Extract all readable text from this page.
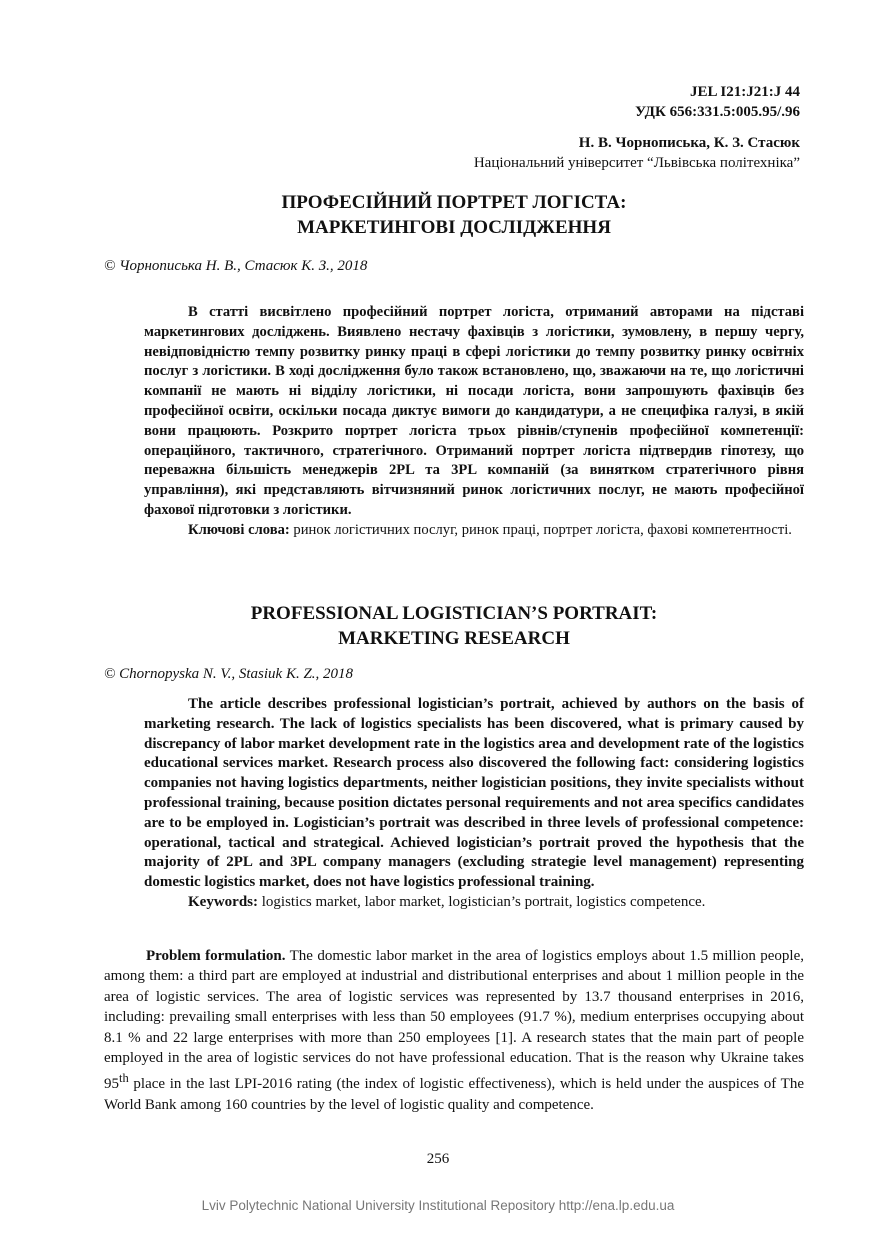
JEL I21:J21:J 44
УДК 656:331.5:005.95/.96
Н. В. Чорнописька, К. З. Стасюк
Національний університет “Львівська політехніка”
ПРОФЕСІЙНИЙ ПОРТРЕТ ЛОГІСТА:
МАРКЕТИНГОВІ ДОСЛІДЖЕННЯ
© Чорнописька Н. В., Стасюк К. З., 2018

В статті висвітлено професійний портрет логіста, отриманий авторами на підставі маркетингових досліджень. Виявлено нестачу фахівців з логістики, зумовлену, в першу чергу, невідповідністю темпу розвитку ринку праці в сфері логістики до темпу розвитку ринку освітніх послуг з логістики. В ході дослідження було також встановлено, що, зважаючи на те, що логістичні компанії не мають ні відділу логістики, ні посади логіста, вони запрошують фахівців без професійної освіти, оскільки посада диктує вимоги до кандидатури, а не специфіка галузі, в якій вони працюють. Розкрито портрет логіста трьох рівнів/ступенів професійної компетенції: операційного, тактичного, стратегічного. Отриманий портрет логіста підтвердив гіпотезу, що переважна більшість менеджерів 2PL та 3PL компаній (за винятком стратегічного рівня управління), які представляють вітчизняний ринок логістичних послуг, не мають професійної фахової підготовки з логістики.

Ключові слова: ринок логістичних послуг, ринок праці, портрет логіста, фахові компетентності.

PROFESSIONAL LOGISTICIAN’S PORTRAIT:
MARKETING RESEARCH
© Chornopyska N. V., Stasiuk K. Z., 2018

The article describes professional logistician’s portrait, achieved by authors on the basis of marketing research. The lack of logistics specialists has been discovered, what is primary caused by discrepancy of labor market development rate in the logistics area and development rate of the logistics educational services market. Research process also discovered the following fact: considering logistics companies not having logistics departments, neither logistician positions, they invite specialists without professional training, because position dictates personal requirements and not area specifics candidates are to be employed in. Logistician’s portrait was described in three levels of professional competence: operational, tactical and strategical. Achieved logistician’s portrait proved the hypothesis that the majority of 2PL and 3PL company managers (excluding strategie level management) representing domestic logistics market, does not have logistics professional training.

Keywords: logistics market, labor market, logistician’s portrait, logistics competence.

Problem formulation. The domestic labor market in the area of logistics employs about 1.5 million people, among them: a third part are employed at industrial and distributional enterprises and about 1 million people in the area of logistic services. The area of logistic services was represented by 13.7 thousand enterprises in 2016, including: prevailing small enterprises with less than 50 employees (91.7 %), medium enterprises occupying about 8.1 % and 22 large enterprises with more than 250 employees [1]. A research states that the main part of people employed in the area of logistic services do not have professional education. That is the reason why Ukraine takes 95th place in the last LPI-2016 rating (the index of logistic effectiveness), which is held under the auspices of The World Bank among 160 countries by the level of logistic quality and competence.

256
Lviv Polytechnic National University Institutional Repository http://ena.lp.edu.ua
